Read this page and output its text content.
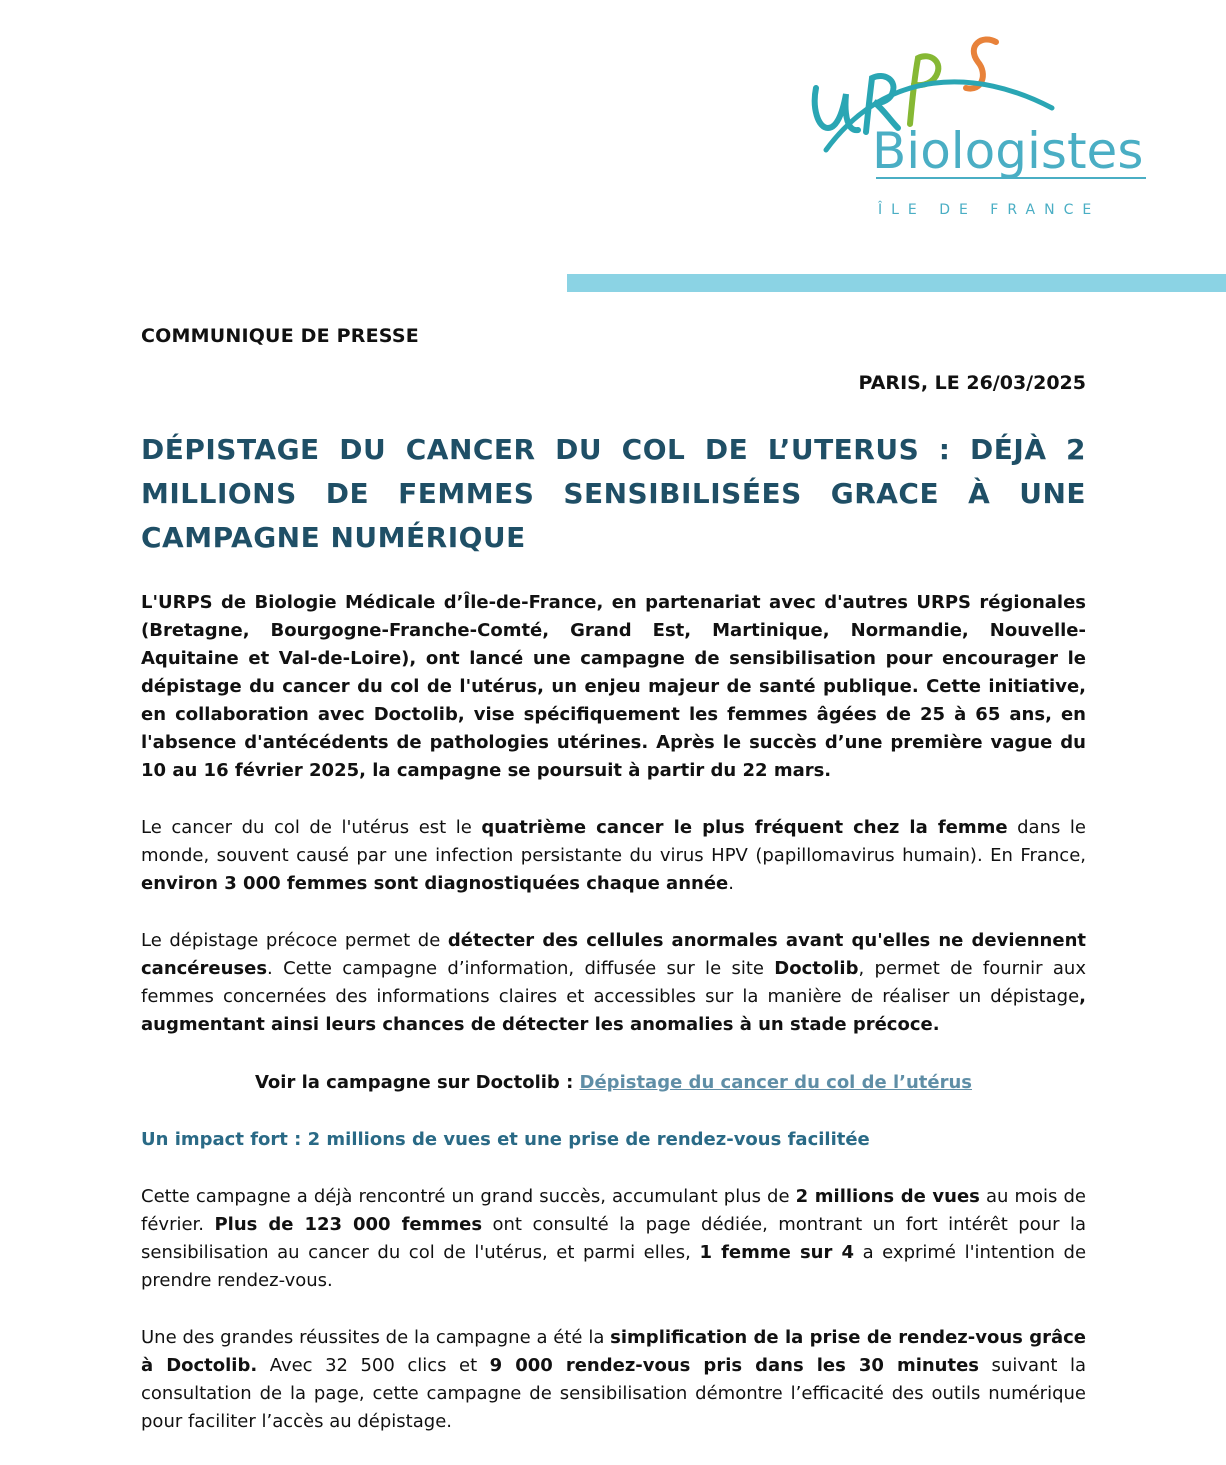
Biologistes
ÎLE DE FRANCE
COMMUNIQUE DE PRESSE
PARIS, LE 26/03/2025
DÉPISTAGE DU CANCER DU COL DE L’UTERUS : DÉJÀ 2 MILLIONS DE FEMMES SENSIBILISÉES GRACE À UNE CAMPAGNE NUMÉRIQUE
L'URPS de Biologie Médicale d’Île-de-France, en partenariat avec d'autres URPS régionales (Bretagne, Bourgogne-Franche-Comté, Grand Est, Martinique, Normandie, Nouvelle-Aquitaine et Val-de-Loire), ont lancé une campagne de sensibilisation pour encourager le dépistage du cancer du col de l'utérus, un enjeu majeur de santé publique. Cette initiative, en collaboration avec Doctolib, vise spécifiquement les femmes âgées de 25 à 65 ans, en l'absence d'antécédents de pathologies utérines. Après le succès d’une première vague du 10 au 16 février 2025, la campagne se poursuit à partir du 22 mars.
Le cancer du col de l'utérus est le quatrième cancer le plus fréquent chez la femme dans le monde, souvent causé par une infection persistante du virus HPV (papillomavirus humain). En France, environ 3 000 femmes sont diagnostiquées chaque année.
Le dépistage précoce permet de détecter des cellules anormales avant qu'elles ne deviennent cancéreuses. Cette campagne d’information, diffusée sur le site Doctolib, permet de fournir aux femmes concernées des informations claires et accessibles sur la manière de réaliser un dépistage, augmentant ainsi leurs chances de détecter les anomalies à un stade précoce.
Voir la campagne sur Doctolib : Dépistage du cancer du col de l’utérus
Un impact fort : 2 millions de vues et une prise de rendez-vous facilitée
Cette campagne a déjà rencontré un grand succès, accumulant plus de 2 millions de vues au mois de février. Plus de 123 000 femmes ont consulté la page dédiée, montrant un fort intérêt pour la sensibilisation au cancer du col de l'utérus, et parmi elles, 1 femme sur 4 a exprimé l'intention de prendre rendez-vous.
Une des grandes réussites de la campagne a été la simplification de la prise de rendez-vous grâce à Doctolib. Avec 32 500 clics et 9 000 rendez-vous pris dans les 30 minutes suivant la consultation de la page, cette campagne de sensibilisation démontre l’efficacité des outils numérique pour faciliter l’accès au dépistage.
